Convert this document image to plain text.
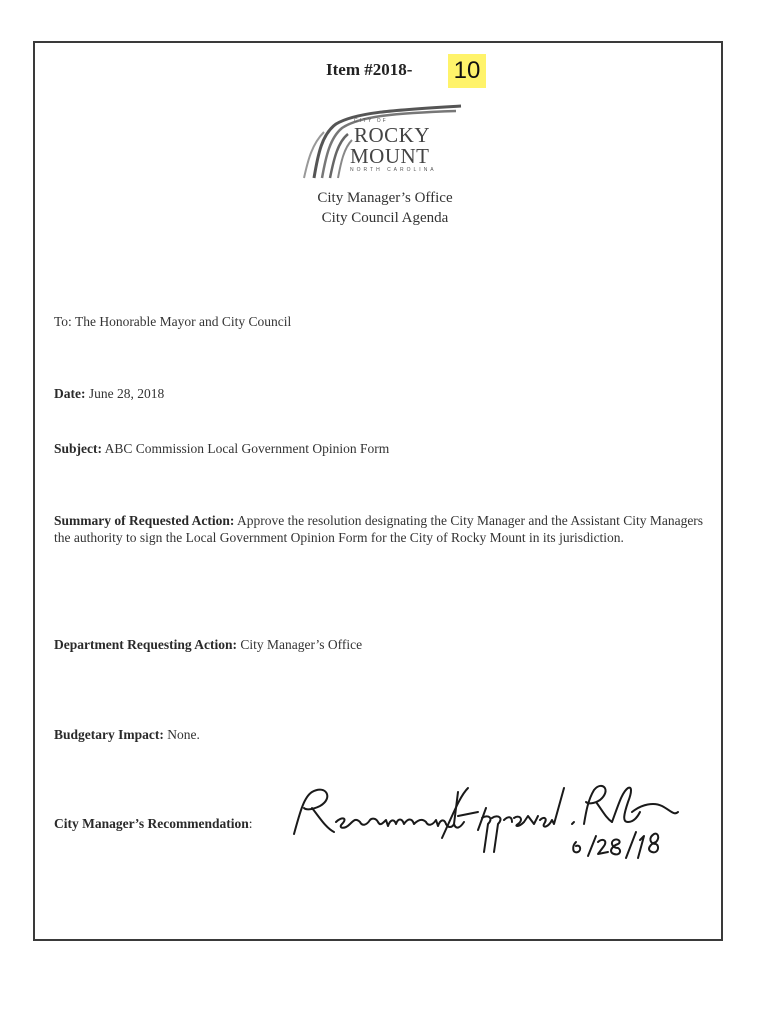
Item #2018- 10
CITY OF
ROCKY
MOUNT
NORTH CAROLINA
City Manager’s Office
City Council Agenda
To: The Honorable Mayor and City Council
Date: June 28, 2018
Subject: ABC Commission Local Government Opinion Form
Summary of Requested Action: Approve the resolution designating the City Manager and the Assistant City Managers the authority to sign the Local Government Opinion Form for the City of Rocky Mount in its jurisdiction.
Department Requesting Action: City Manager’s Office
Budgetary Impact: None.
City Manager’s Recommendation:
